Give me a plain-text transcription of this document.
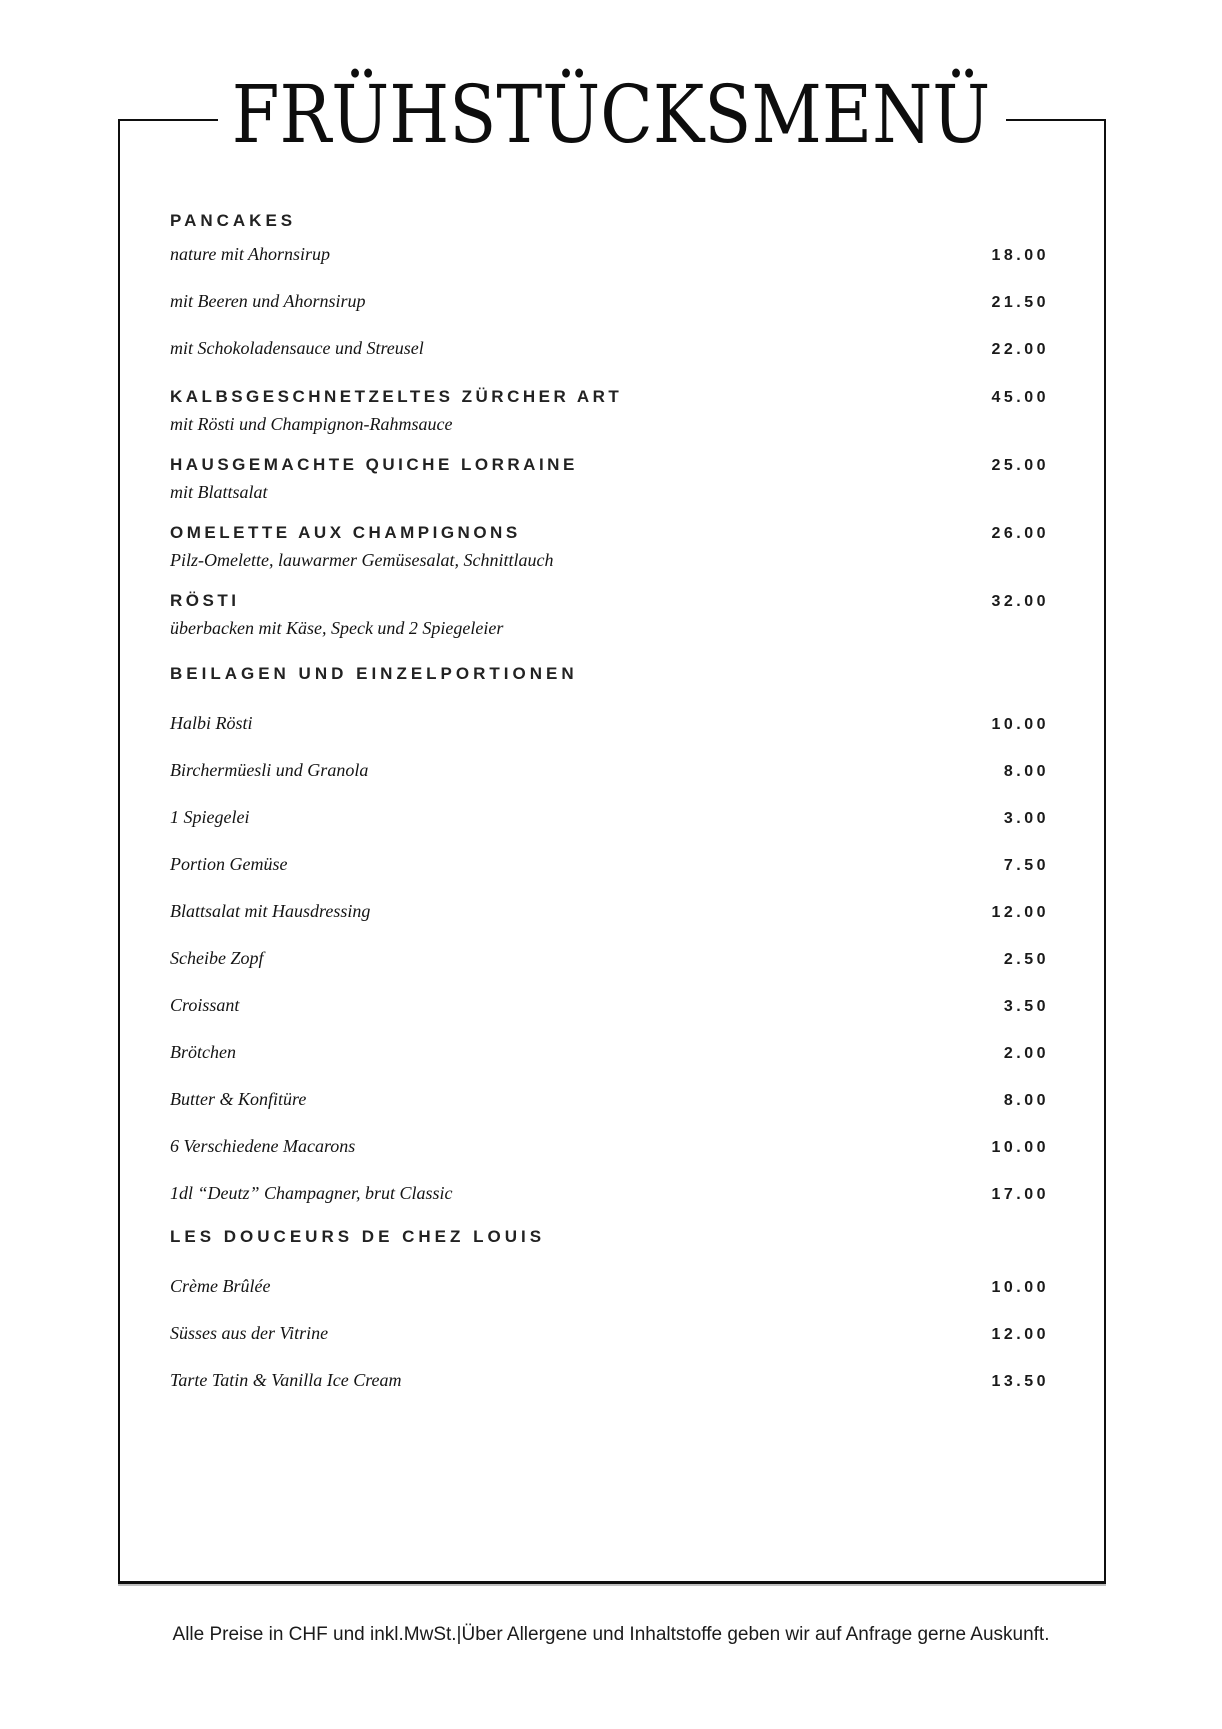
FRÜHSTÜCKSMENÜ
PANCAKES
nature mit Ahornsirup	18.00
mit Beeren und Ahornsirup	21.50
mit Schokoladensauce und Streusel	22.00
KALBSGESCHNETZELTES ZÜRCHER ART	45.00
mit Rösti und Champignon-Rahmsauce
HAUSGEMACHTE QUICHE LORRAINE	25.00
mit Blattsalat
OMELETTE AUX CHAMPIGNONS	26.00
Pilz-Omelette, lauwarmer Gemüsesalat, Schnittlauch
RÖSTI	32.00
überbacken mit Käse, Speck und 2 Spiegeleier
BEILAGEN UND EINZELPORTIONEN
Halbi Rösti	10.00
Birchermüesli und Granola	8.00
1 Spiegelei	3.00
Portion Gemüse	7.50
Blattsalat mit Hausdressing	12.00
Scheibe Zopf	2.50
Croissant	3.50
Brötchen	2.00
Butter & Konfitüre	8.00
6 Verschiedene Macarons	10.00
1dl “Deutz” Champagner, brut Classic	17.00
LES DOUCEURS DE CHEZ LOUIS
Crème Brûlée	10.00
Süsses aus der Vitrine	12.00
Tarte Tatin & Vanilla Ice Cream	13.50
Alle Preise in CHF und inkl.MwSt.|Über Allergene und Inhaltstoffe geben wir auf Anfrage gerne Auskunft.
